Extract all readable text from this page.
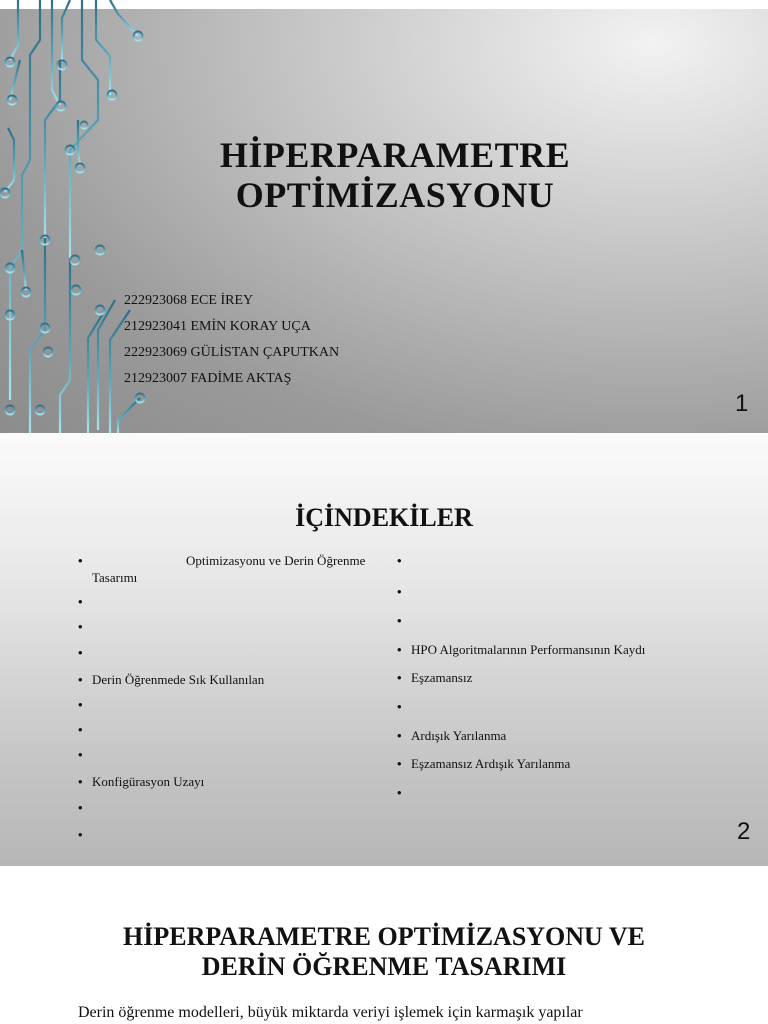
HİPERPARAMETRE
OPTİMİZASYONU
222923068 ECE İREY
212923041 EMİN KORAY UÇA
222923069 GÜLİSTAN ÇAPUTKAN
212923007 FADİME AKTAŞ
1
İÇİNDEKİLER
• Optimizasyonu ve Derin Öğrenme
Tasarımı
• Derin Öğrenmede Sık Kullanılan
• Konfigürasyon Uzayı
• HPO Algoritmalarının Performansının Kaydı
• Eşzamansız
• Ardışık Yarılanma
• Eşzamansız Ardışık Yarılanma
2
HİPERPARAMETRE OPTİMİZASYONU VE
DERİN ÖĞRENME TASARIMI
Derin öğrenme modelleri, büyük miktarda veriyi işlemek için karmaşık yapılar
